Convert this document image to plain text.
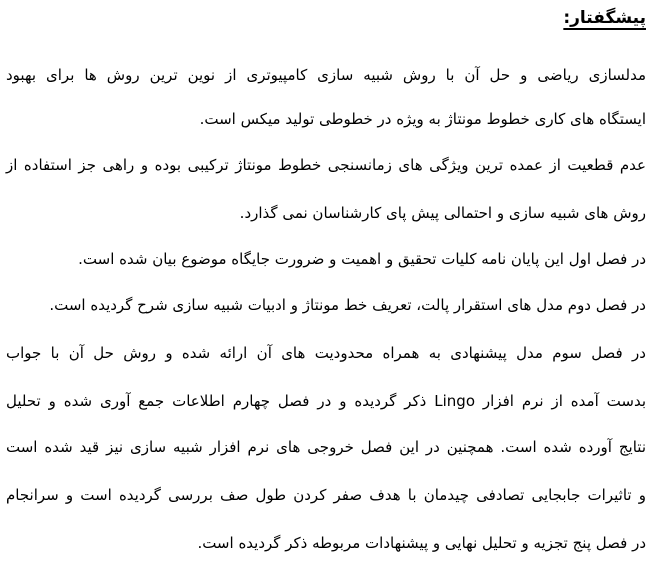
پیشگفتار:
مدلسازی ریاضی و حل آن با روش شبیه سازی کامپیوتری از نوین ترین روش ها برای بهبود
ایستگاه های کاری خطوط مونتاژ به ویژه در خطوطی تولید میکس است.
عدم قطعیت از عمده ترین ویژگی های زمانسنجی خطوط مونتاژ ترکیبی بوده و راهی جز استفاده از
روش های شبیه سازی و احتمالی پیش پای کارشناسان نمی گذارد.
در فصل اول این پایان نامه کلیات تحقیق و اهمیت و ضرورت جایگاه موضوع بیان شده است.
در فصل دوم مدل های استقرار پالت، تعریف خط مونتاژ و ادبیات شبیه سازی شرح گردیده است.
در فصل سوم مدل پیشنهادی به همراه محدودیت های آن ارائه شده و روش حل آن با جواب
بدست آمده از نرم افزار Lingo ذکر گردیده و در فصل چهارم اطلاعات جمع آوری شده و تحلیل
نتایج آورده شده است. همچنین در این فصل خروجی های نرم افزار شبیه سازی نیز قید شده است
و تاثیرات جابجایی تصادفی چیدمان با هدف صفر کردن طول صف بررسی گردیده است و سرانجام
در فصل پنج تجزیه و تحلیل نهایی و پیشنهادات مربوطه ذکر گردیده است.
